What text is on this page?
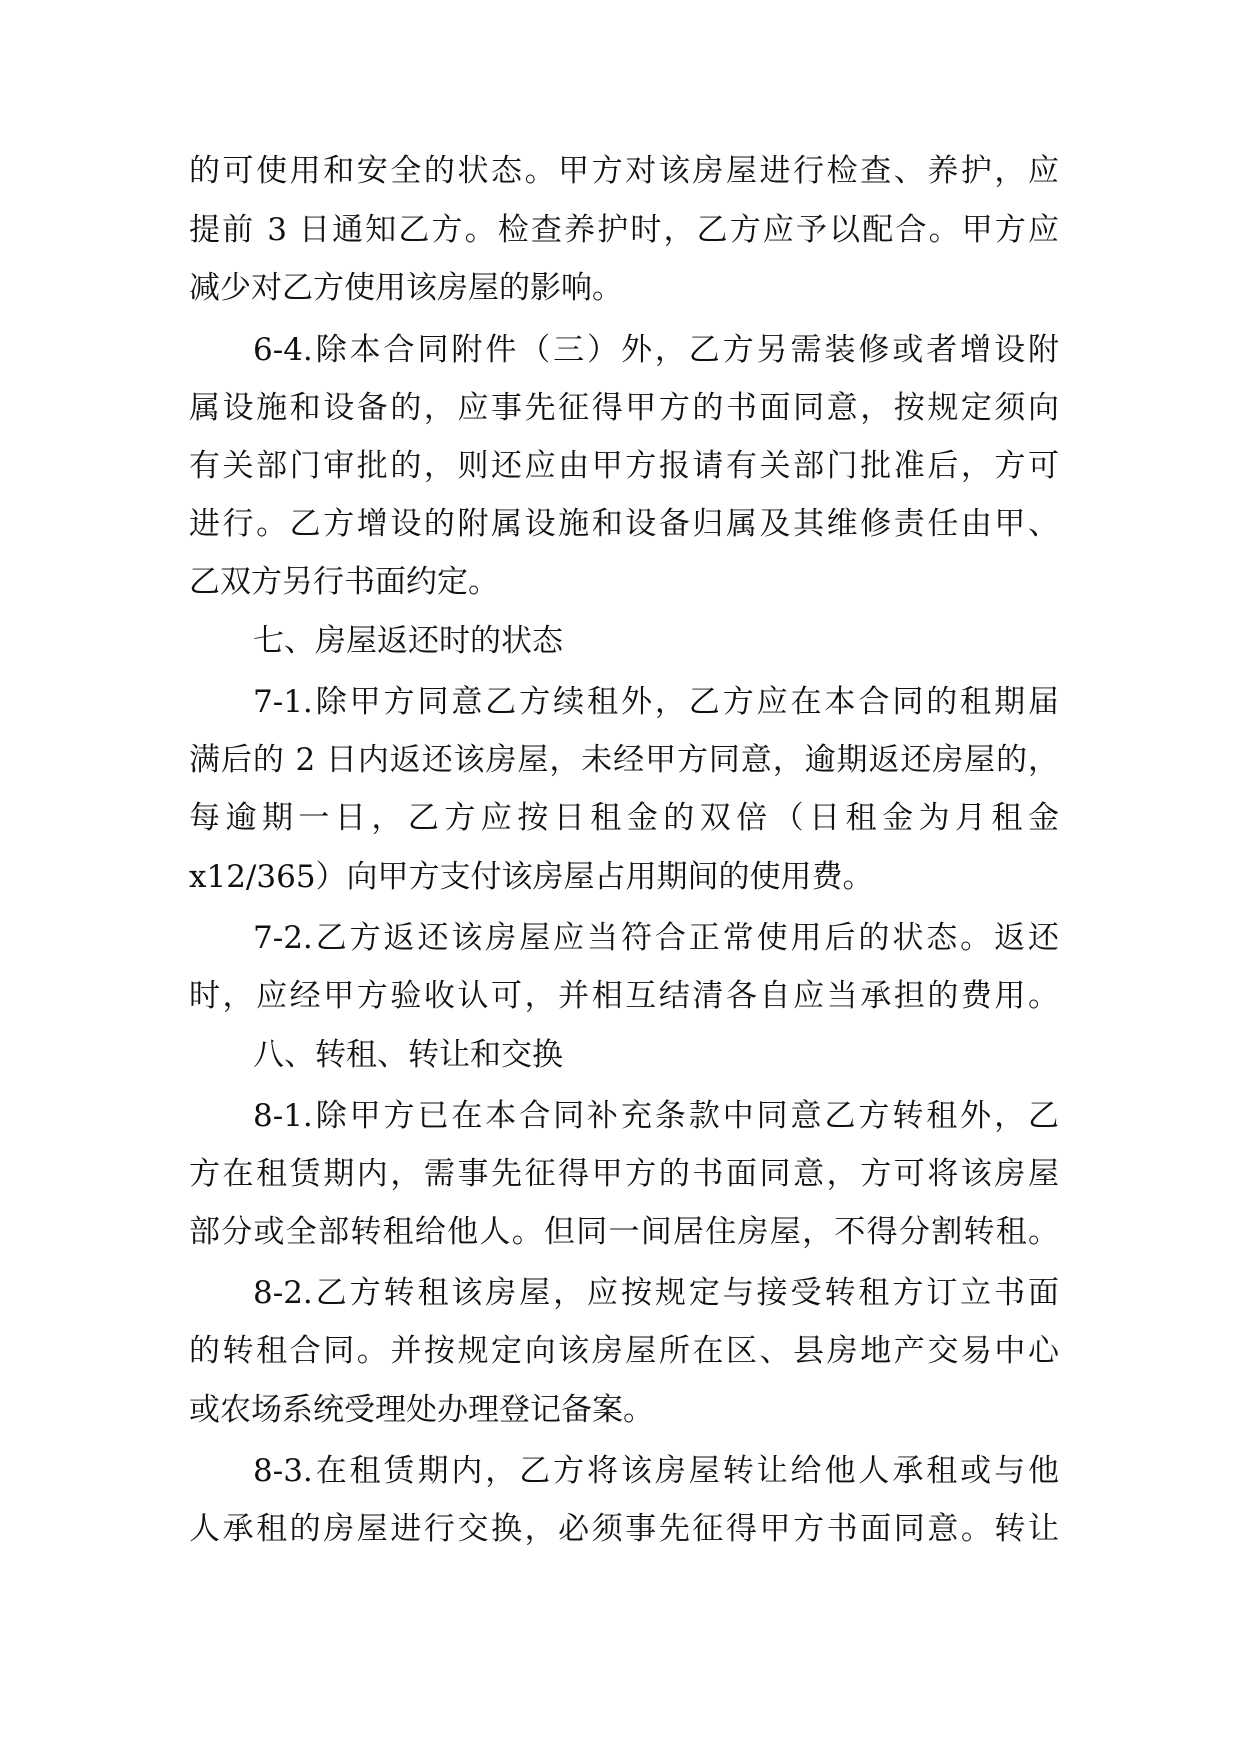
的可使用和安全的状态。甲方对该房屋进行检查、养护，应
提前 3 日通知乙方。检查养护时，乙方应予以配合。甲方应
减少对乙方使用该房屋的影响。
6-4.除本合同附件（三）外，乙方另需装修或者增设附
属设施和设备的，应事先征得甲方的书面同意，按规定须向
有关部门审批的，则还应由甲方报请有关部门批准后，方可
进行。乙方增设的附属设施和设备归属及其维修责任由甲、
乙双方另行书面约定。
七、房屋返还时的状态
7-1.除甲方同意乙方续租外，乙方应在本合同的租期届
满后的 2 日内返还该房屋，未经甲方同意，逾期返还房屋的，
每逾期一日，乙方应按日租金的双倍（日租金为月租金
x12/365）向甲方支付该房屋占用期间的使用费。
7-2.乙方返还该房屋应当符合正常使用后的状态。返还
时，应经甲方验收认可，并相互结清各自应当承担的费用。
八、转租、转让和交换
8-1.除甲方已在本合同补充条款中同意乙方转租外，乙
方在租赁期内，需事先征得甲方的书面同意，方可将该房屋
部分或全部转租给他人。但同一间居住房屋，不得分割转租。
8-2.乙方转租该房屋，应按规定与接受转租方订立书面
的转租合同。并按规定向该房屋所在区、县房地产交易中心
或农场系统受理处办理登记备案。
8-3.在租赁期内，乙方将该房屋转让给他人承租或与他
人承租的房屋进行交换，必须事先征得甲方书面同意。转让
